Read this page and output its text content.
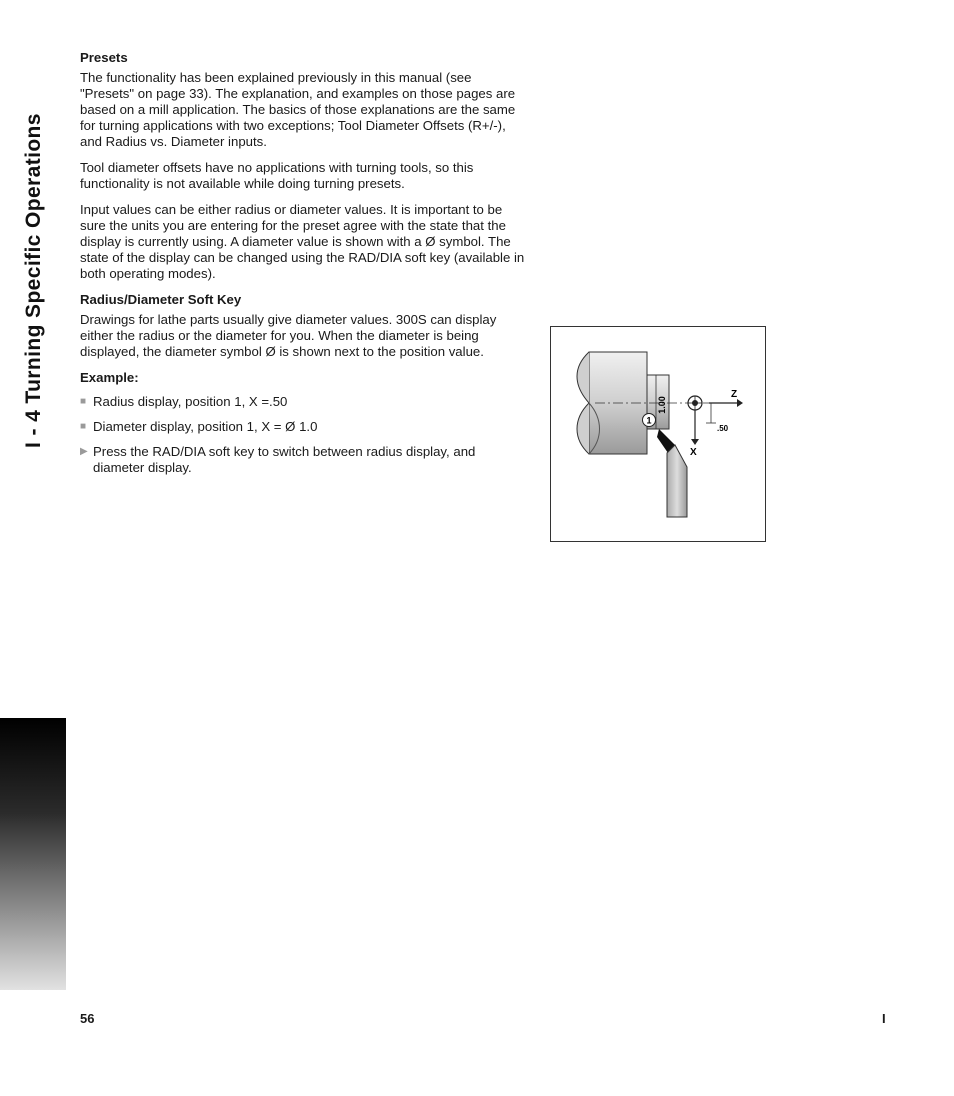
I - 4 Turning Specific Operations
Presets

The functionality has been explained previously in this manual (see "Presets" on page 33). The explanation, and examples on those pages are based on a mill application. The basics of those explanations are the same for turning applications with two exceptions; Tool Diameter Offsets (R+/-), and Radius vs. Diameter inputs.

Tool diameter offsets have no applications with turning tools, so this functionality is not available while doing turning presets.

Input values can be either radius or diameter values. It is important to be sure the units you are entering for the preset agree with the state that the display is currently using. A diameter value is shown with a Ø symbol. The state of the display can be changed using the RAD/DIA soft key (available in both operating modes).

Radius/Diameter Soft Key

Drawings for lathe parts usually give diameter values. 300S can display either the radius or the diameter for you. When the diameter is being displayed, the diameter symbol Ø is shown next to the position value.

Example:
■ Radius display, position 1, X =.50
■ Diameter display, position 1, X = Ø 1.0
▶ Press the RAD/DIA soft key to switch between radius display, and diameter display.
1.00
Z
X
.50
1
56	I
